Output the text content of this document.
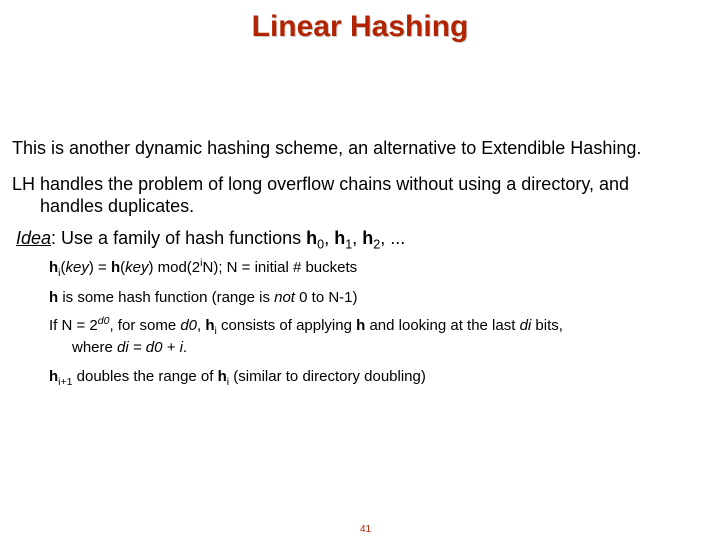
Linear Hashing
This is another dynamic hashing scheme, an alternative to Extendible Hashing.
LH handles the problem of long overflow chains without using a directory, and
handles duplicates.
Idea: Use a family of hash functions $h_0$, $h_1$, $h_2$, ...
$h_i(key) = h(key)$ mod(2$^i$N); N = initial # buckets
h is some hash function (range is not 0 to N-1)
If $N = 2^{d0}$, for some d0, $h_i$ consists of applying h and looking at the last di bits,
where di = d0 + i.
$h_{i+1}$ doubles the range of $h_i$ (similar to directory doubling)
41
